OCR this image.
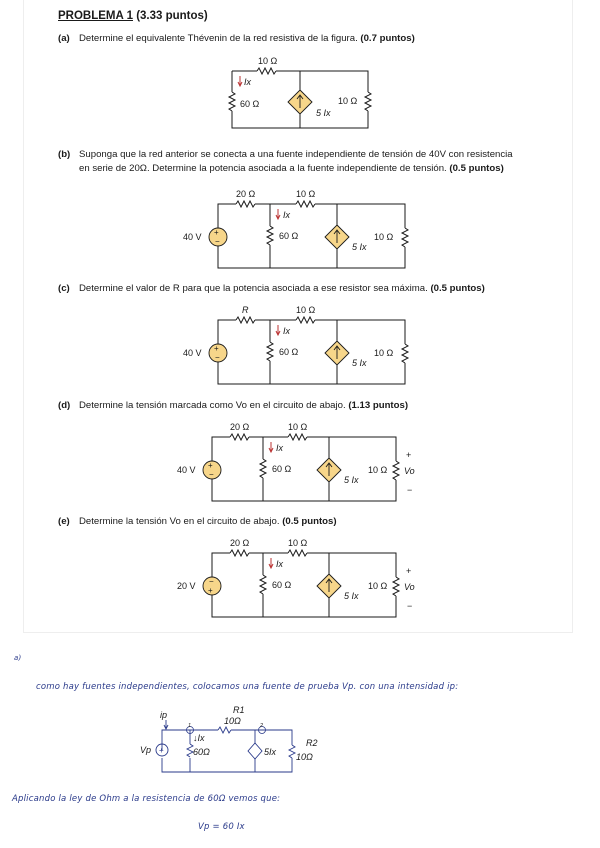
PROBLEMA 1 (3.33 puntos)
(a) Determine el equivalente Thévenin de la red resistiva de la figura. (0.7 puntos)
10 Ω
Ix
60 Ω
5 Ix
10 Ω
(b) Suponga que la red anterior se conecta a una fuente independiente de tensión de 40V con resistencia
en serie de 20Ω. Determine la potencia asociada a la fuente independiente de tensión. (0.5 puntos)
+
−
20 Ω	10 Ω
40 V
Ix
60 Ω
5 Ix
10 Ω
(c) Determine el valor de R para que la potencia asociada a ese resistor sea máxima. (0.5 puntos)
+
−
R	10 Ω
40 V
Ix
60 Ω
5 Ix
10 Ω
(d) Determine la tensión marcada como Vo en el circuito de abajo. (1.13 puntos)
+
−
20 Ω	10 Ω
40 V
Ix
60 Ω
5 Ix
10 Ω
+
Vo
−
(e) Determine la tensión Vo en el circuito de abajo. (0.5 puntos)
−
+
20 Ω	10 Ω
20 V
Ix
60 Ω
5 Ix
10 Ω
+
Vo
−
a)
como hay fuentes independientes, colocamos una fuente de prueba Vp. con una intensidad ip:
+
ip
1	2
R1
10Ω
↓Ix
60Ω	5Ix
R2
10Ω
Vp
Aplicando la ley de Ohm a la resistencia de 60Ω vemos que:
Vp = 60 Ix
